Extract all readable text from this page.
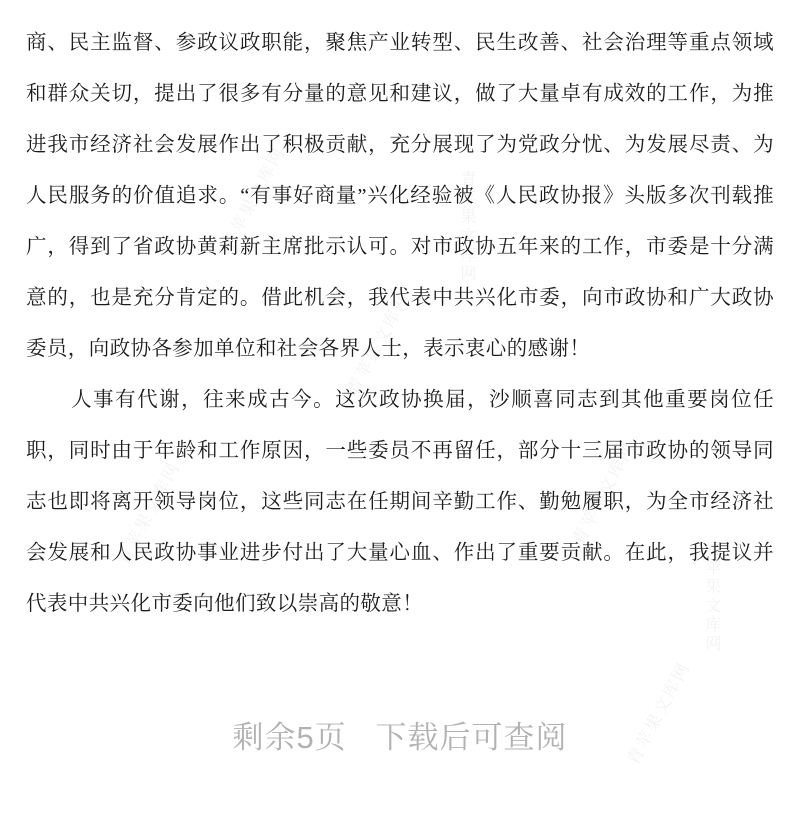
青苹果文库网	青苹果文库网
青苹果文库网	青苹果文库网
青苹果文库网
青苹果文库网
青苹果文库网

商、民主监督、参政议政职能，聚焦产业转型、民生改善、社会治理等重点领域和群众关切，提出了很多有分量的意见和建议，做了大量卓有成效的工作，为推进我市经济社会发展作出了积极贡献，充分展现了为党政分忧、为发展尽责、为人民服务的价值追求。“有事好商量”兴化经验被《人民政协报》头版多次刊载推广，得到了省政协黄莉新主席批示认可。对市政协五年来的工作，市委是十分满意的，也是充分肯定的。借此机会，我代表中共兴化市委，向市政协和广大政协委员，向政协各参加单位和社会各界人士，表示衷心的感谢！

人事有代谢，往来成古今。这次政协换届，沙顺喜同志到其他重要岗位任职，同时由于年龄和工作原因，一些委员不再留任，部分十三届市政协的领导同志也即将离开领导岗位，这些同志在任期间辛勤工作、勤勉履职，为全市经济社会发展和人民政协事业进步付出了大量心血、作出了重要贡献。在此，我提议并代表中共兴化市委向他们致以崇高的敬意！

剩余5页   下载后可查阅
